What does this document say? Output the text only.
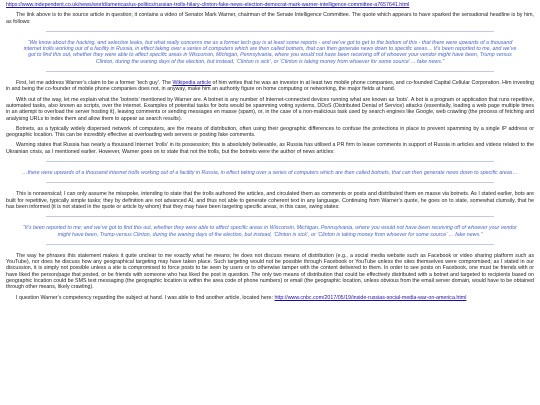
https://www.independent.co.uk/news/world/americas/us-politics/russian-trolls-hilary-clinton-fake-news-election-democrat-mark-warner-intelligence-committee-a7657641.html

The link above is to the source article in question; it contains a video of Senator Mark Warner, chairman of the Senate Intelligence Committee. The quote which appears to have sparked the sensational headline is by him, as follows:

“We know about the hacking, and selective leaks, but what really concerns me as a former tech guy is at least some reports - and we’ve got to get to the bottom of this - that there were upwards of a thousand internet trolls working out of a facility in Russia, in effect taking over a series of computers which are then called botnets, that can then generate news down to specific areas… It’s been reported to me, and we’ve got to find this out, whether they were able to affect specific areas in Wisconsin, Michigan, Pennsylvania, where you would not have been receiving off of whoever your vendor might have been, Trump versus Clinton, during the waning days of the election, but instead, ‘Clinton is sick’, or ‘Clinton is taking money from whoever for some source’ ... fake news.”

First, let me address Warner’s claim to be a former ‘tech guy’. The Wikipedia article of him writes that he was an investor in at least two mobile phone companies, and co-founded Capital Cellular Corporation. Him investing in and being the co-founder of mobile phone companies does not, in anyway, make him an authority figure on home computing or networking, the major fields at hand.

With out of the way, let me explain what the ‘botnets’ mentioned by Warner are. A botnet is any number of Internet-connected devices running what are known as ‘bots’. A bot is a program or application that runs repetitive, automated tasks, also known as scripts, over the internet. Examples of potential tasks for bots would be spamming voting systems, DDoS (Distributed Denial of Service) attacks (essentially, loading a web page multiple times in an attempt to overload the server hosting it), leaving comments or sending messages en masse (spam), or, in the case of a non-malicious task used by search engines like Google, web crawling (the process of fetching and analysing URLs to index them and allow them to appear as search results).

Botnets, as a typically widely dispersed network of computers, are the means of distribution, often using their geographic differences to confuse the protections in place to prevent spamming by a single IP address or geographic location. This can be incredibly effective at overloading web servers or posting fake comments.

Warning states that Russia has nearly a thousand Internet ‘trolls’ in its possession; this is absolutely believable, as Russia has utilised a PR firm to leave comments in support of Russia in articles and videos related to the Ukrainian crisis, as I mentioned earlier. However, Warner goes on to state that not the trolls, but the botnets were the author of news articles:

…there were upwards of a thousand internet trolls working out of a facility in Russia, in effect taking over a series of computers which are then called botnets, that can then generate news down to specific areas…

This is nonsensical; I can only assume he misspoke, intending to state that the trolls authored the articles, and circulated them as comments or posts and distributed them en masse via botnets. As I stated earlier, bots are built for repetitive, typically simple tasks; they by definition are not advanced AI, and thus not able to generate coherent text in any language. Continuing from Warner’s quote, he goes on to state, somewhat clumsily, that he has been informed (it is not stated in the quote or article by whom) that they may have been targeting specific areas, in this case, swing states:

“It’s been reported to me; and we’ve got to find this out, whether they were able to affect specific areas in Wisconsin, Michigan, Pennsylvania, where you would not have been receiving off of whoever your vendor might have been, Trump versus Clinton, during the waning days of the election, but instead, ‘Clinton is sick’, or ‘Clinton is taking money from whoever for some source’ … fake news.”

The way he phrases this statement makes it quite unclear to me exactly what he means; he does not discuss means of distribution (e.g., a social media website such as Facebook or video sharing platform such as YouTube), nor does he discuss how any geographical targeting may have taken place. Such targeting would not be possible through Facebook or YouTube unless the sites themselves were compromised; as I stated in our discussion, it is simply not possible unless a site is compromised to force posts to be seen by users or to otherwise tamper with the content delivered to them. In order to see posts on Facebook, one must be friends with or have liked the person/page that posted, or be friends with someone who has liked the post in question. The only two means of distribution that could be effectively distributed with a botnet and targeted to recipients based on geographic location could be SMS text messaging (the geographic location is within the area code of phone numbers) or email (the geographic location, unless obvious from the email server domain, would have to be obtained through other means, likely crawling).

I question Warner’s competency regarding the subject at hand. I was able to find another article, located here: http://www.cnbc.com/2017/05/19/inside-russias-social-media-war-on-america.html
